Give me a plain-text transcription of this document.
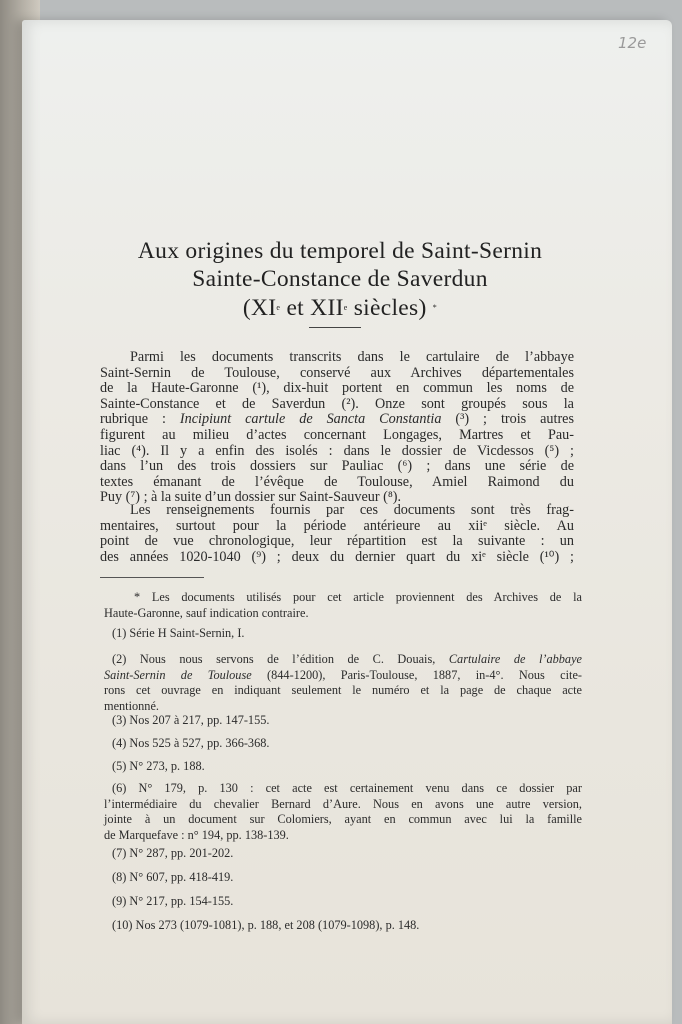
12e
Aux origines du temporel de Saint-Sernin
Sainte-Constance de Saverdun
(XIe et XIIe siècles) *
Parmi les documents transcrits dans le cartulaire de l’abbaye
Saint-Sernin de Toulouse, conservé aux Archives départementales
de la Haute-Garonne (¹), dix-huit portent en commun les noms de
Sainte-Constance et de Saverdun (²). Onze sont groupés sous la
rubrique : Incipiunt cartule de Sancta Constantia (³) ; trois autres
figurent au milieu d’actes concernant Longages, Martres et Pau-
liac (⁴). Il y a enfin des isolés : dans le dossier de Vicdessos (⁵) ;
dans l’un des trois dossiers sur Pauliac (⁶) ; dans une série de
textes émanant de l’évêque de Toulouse, Amiel Raimond du
Puy (⁷) ; à la suite d’un dossier sur Saint-Sauveur (⁸).
Les renseignements fournis par ces documents sont très frag-
mentaires, surtout pour la période antérieure au xiiᵉ siècle. Au
point de vue chronologique, leur répartition est la suivante : un
des années 1020-1040 (⁹) ; deux du dernier quart du xiᵉ siècle (¹⁰) ;
* Les documents utilisés pour cet article proviennent des Archives de la
Haute-Garonne, sauf indication contraire.
(1) Série H Saint-Sernin, I.
(2) Nous nous servons de l’édition de C. Douais, Cartulaire de l’abbaye
Saint-Sernin de Toulouse (844-1200), Paris-Toulouse, 1887, in-4°. Nous cite-
rons cet ouvrage en indiquant seulement le numéro et la page de chaque acte
mentionné.
(3) Nos 207 à 217, pp. 147-155.
(4) Nos 525 à 527, pp. 366-368.
(5) N° 273, p. 188.
(6) N° 179, p. 130 : cet acte est certainement venu dans ce dossier par
l’intermédiaire du chevalier Bernard d’Aure. Nous en avons une autre version,
jointe à un document sur Colomiers, ayant en commun avec lui la famille
de Marquefave : n° 194, pp. 138-139.
(7) N° 287, pp. 201-202.
(8) N° 607, pp. 418-419.
(9) N° 217, pp. 154-155.
(10) Nos 273 (1079-1081), p. 188, et 208 (1079-1098), p. 148.
